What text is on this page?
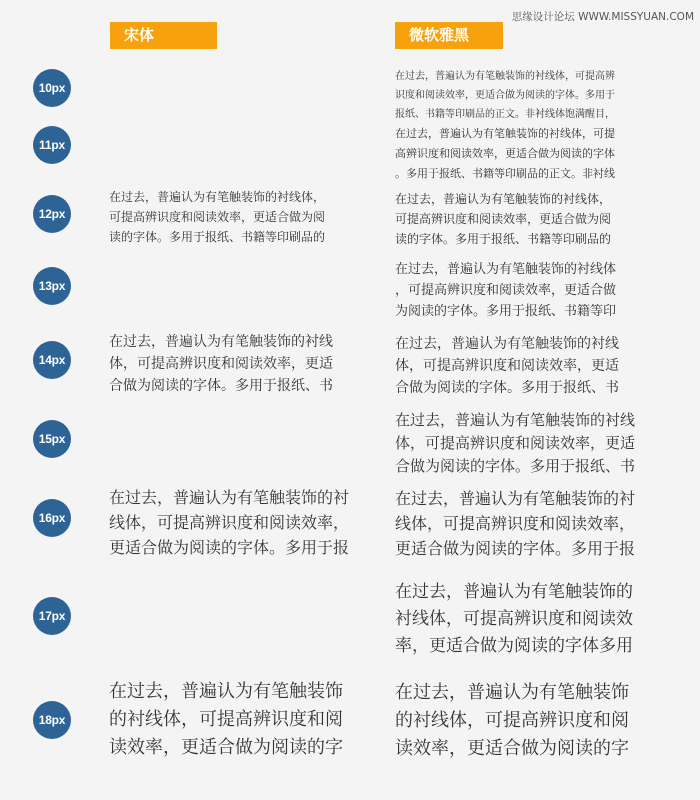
思缘设计论坛 WWW.MISSYUAN.COM
宋体	微软雅黑
10px

在过去，普遍认为有笔触装饰的衬线体，可提高辨
识度和阅读效率，更适合做为阅读的字体。多用于
报纸、书籍等印刷品的正文。非衬线体饱满醒目，

11px

在过去，普遍认为有笔触装饰的衬线体，可提
高辨识度和阅读效率，更适合做为阅读的字体
。多用于报纸、书籍等印刷品的正文。非衬线

12px

在过去，普遍认为有笔触装饰的衬线体，
可提高辨识度和阅读效率，更适合做为阅
读的字体。多用于报纸、书籍等印刷品的

在过去，普遍认为有笔触装饰的衬线体，
可提高辨识度和阅读效率，更适合做为阅
读的字体。多用于报纸、书籍等印刷品的

13px

在过去，普遍认为有笔触装饰的衬线体
，可提高辨识度和阅读效率，更适合做
为阅读的字体。多用于报纸、书籍等印

14px

在过去，普遍认为有笔触装饰的衬线
体，可提高辨识度和阅读效率，更适
合做为阅读的字体。多用于报纸、书

在过去，普遍认为有笔触装饰的衬线
体，可提高辨识度和阅读效率，更适
合做为阅读的字体。多用于报纸、书

15px

在过去，普遍认为有笔触装饰的衬线
体，可提高辨识度和阅读效率，更适
合做为阅读的字体。多用于报纸、书

16px

在过去，普遍认为有笔触装饰的衬
线体，可提高辨识度和阅读效率，
更适合做为阅读的字体。多用于报

在过去，普遍认为有笔触装饰的衬
线体，可提高辨识度和阅读效率，
更适合做为阅读的字体。多用于报

17px

在过去，普遍认为有笔触装饰的
衬线体，可提高辨识度和阅读效
率，更适合做为阅读的字体多用

18px

在过去，普遍认为有笔触装饰
的衬线体，可提高辨识度和阅
读效率，更适合做为阅读的字

在过去，普遍认为有笔触装饰
的衬线体，可提高辨识度和阅
读效率，更适合做为阅读的字
